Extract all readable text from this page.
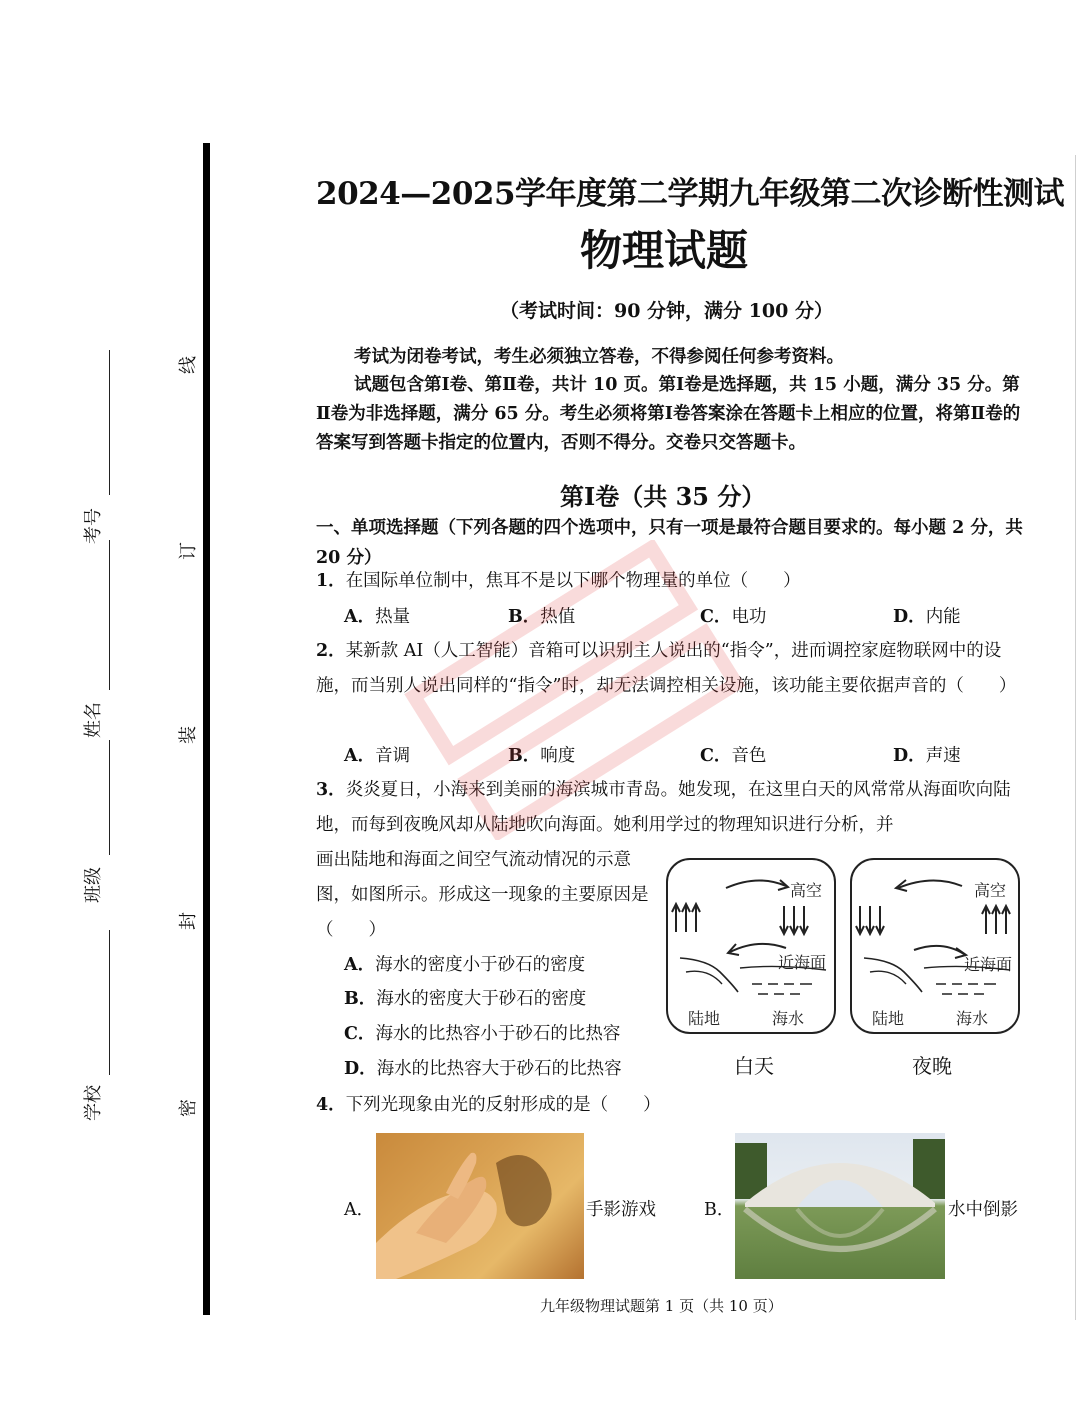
考号
姓名
班级
学校
线
订
装
封
密
2024—2025学年度第二学期九年级第二次诊断性测试
物理试题
（考试时间：90 分钟，满分 100 分）
考试为闭卷考试，考生必须独立答卷，不得参阅任何参考资料。
试题包含第Ⅰ卷、第Ⅱ卷，共计 10 页。第Ⅰ卷是选择题，共 15 小题，满分 35 分。第Ⅱ卷为非选择题，满分 65 分。考生必须将第Ⅰ卷答案涂在答题卡上相应的位置，将第Ⅱ卷的答案写到答题卡指定的位置内，否则不得分。交卷只交答题卡。
第Ⅰ卷（共 35 分）
一、单项选择题（下列各题的四个选项中，只有一项是最符合题目要求的。每小题 2 分，共 20 分）
1．在国际单位制中，焦耳不是以下哪个物理量的单位（　　）
A．热量	B．热值	C．电功	D．内能
2．某新款 AI（人工智能）音箱可以识别主人说出的“指令”，进而调控家庭物联网中的设施，而当别人说出同样的“指令”时，却无法调控相关设施，该功能主要依据声音的（　　）
A．音调	B．响度	C．音色	D．声速
3．炎炎夏日，小海来到美丽的海滨城市青岛。她发现，在这里白天的风常常从海面吹向陆地，而每到夜晚风却从陆地吹向海面。她利用学过的物理知识进行分析，并
画出陆地和海面之间空气流动情况的示意图，如图所示。形成这一现象的主要原因是（　　）
A．海水的密度小于砂石的密度
B．海水的密度大于砂石的密度
C．海水的比热容小于砂石的比热容
D．海水的比热容大于砂石的比热容
高空
近海面
陆地	海水
白天
高空
近海面
陆地	海水
夜晚
4．下列光现象由光的反射形成的是（　　）
A．	手影游戏	B．	水中倒影
九年级物理试题第 1 页（共 10 页）
